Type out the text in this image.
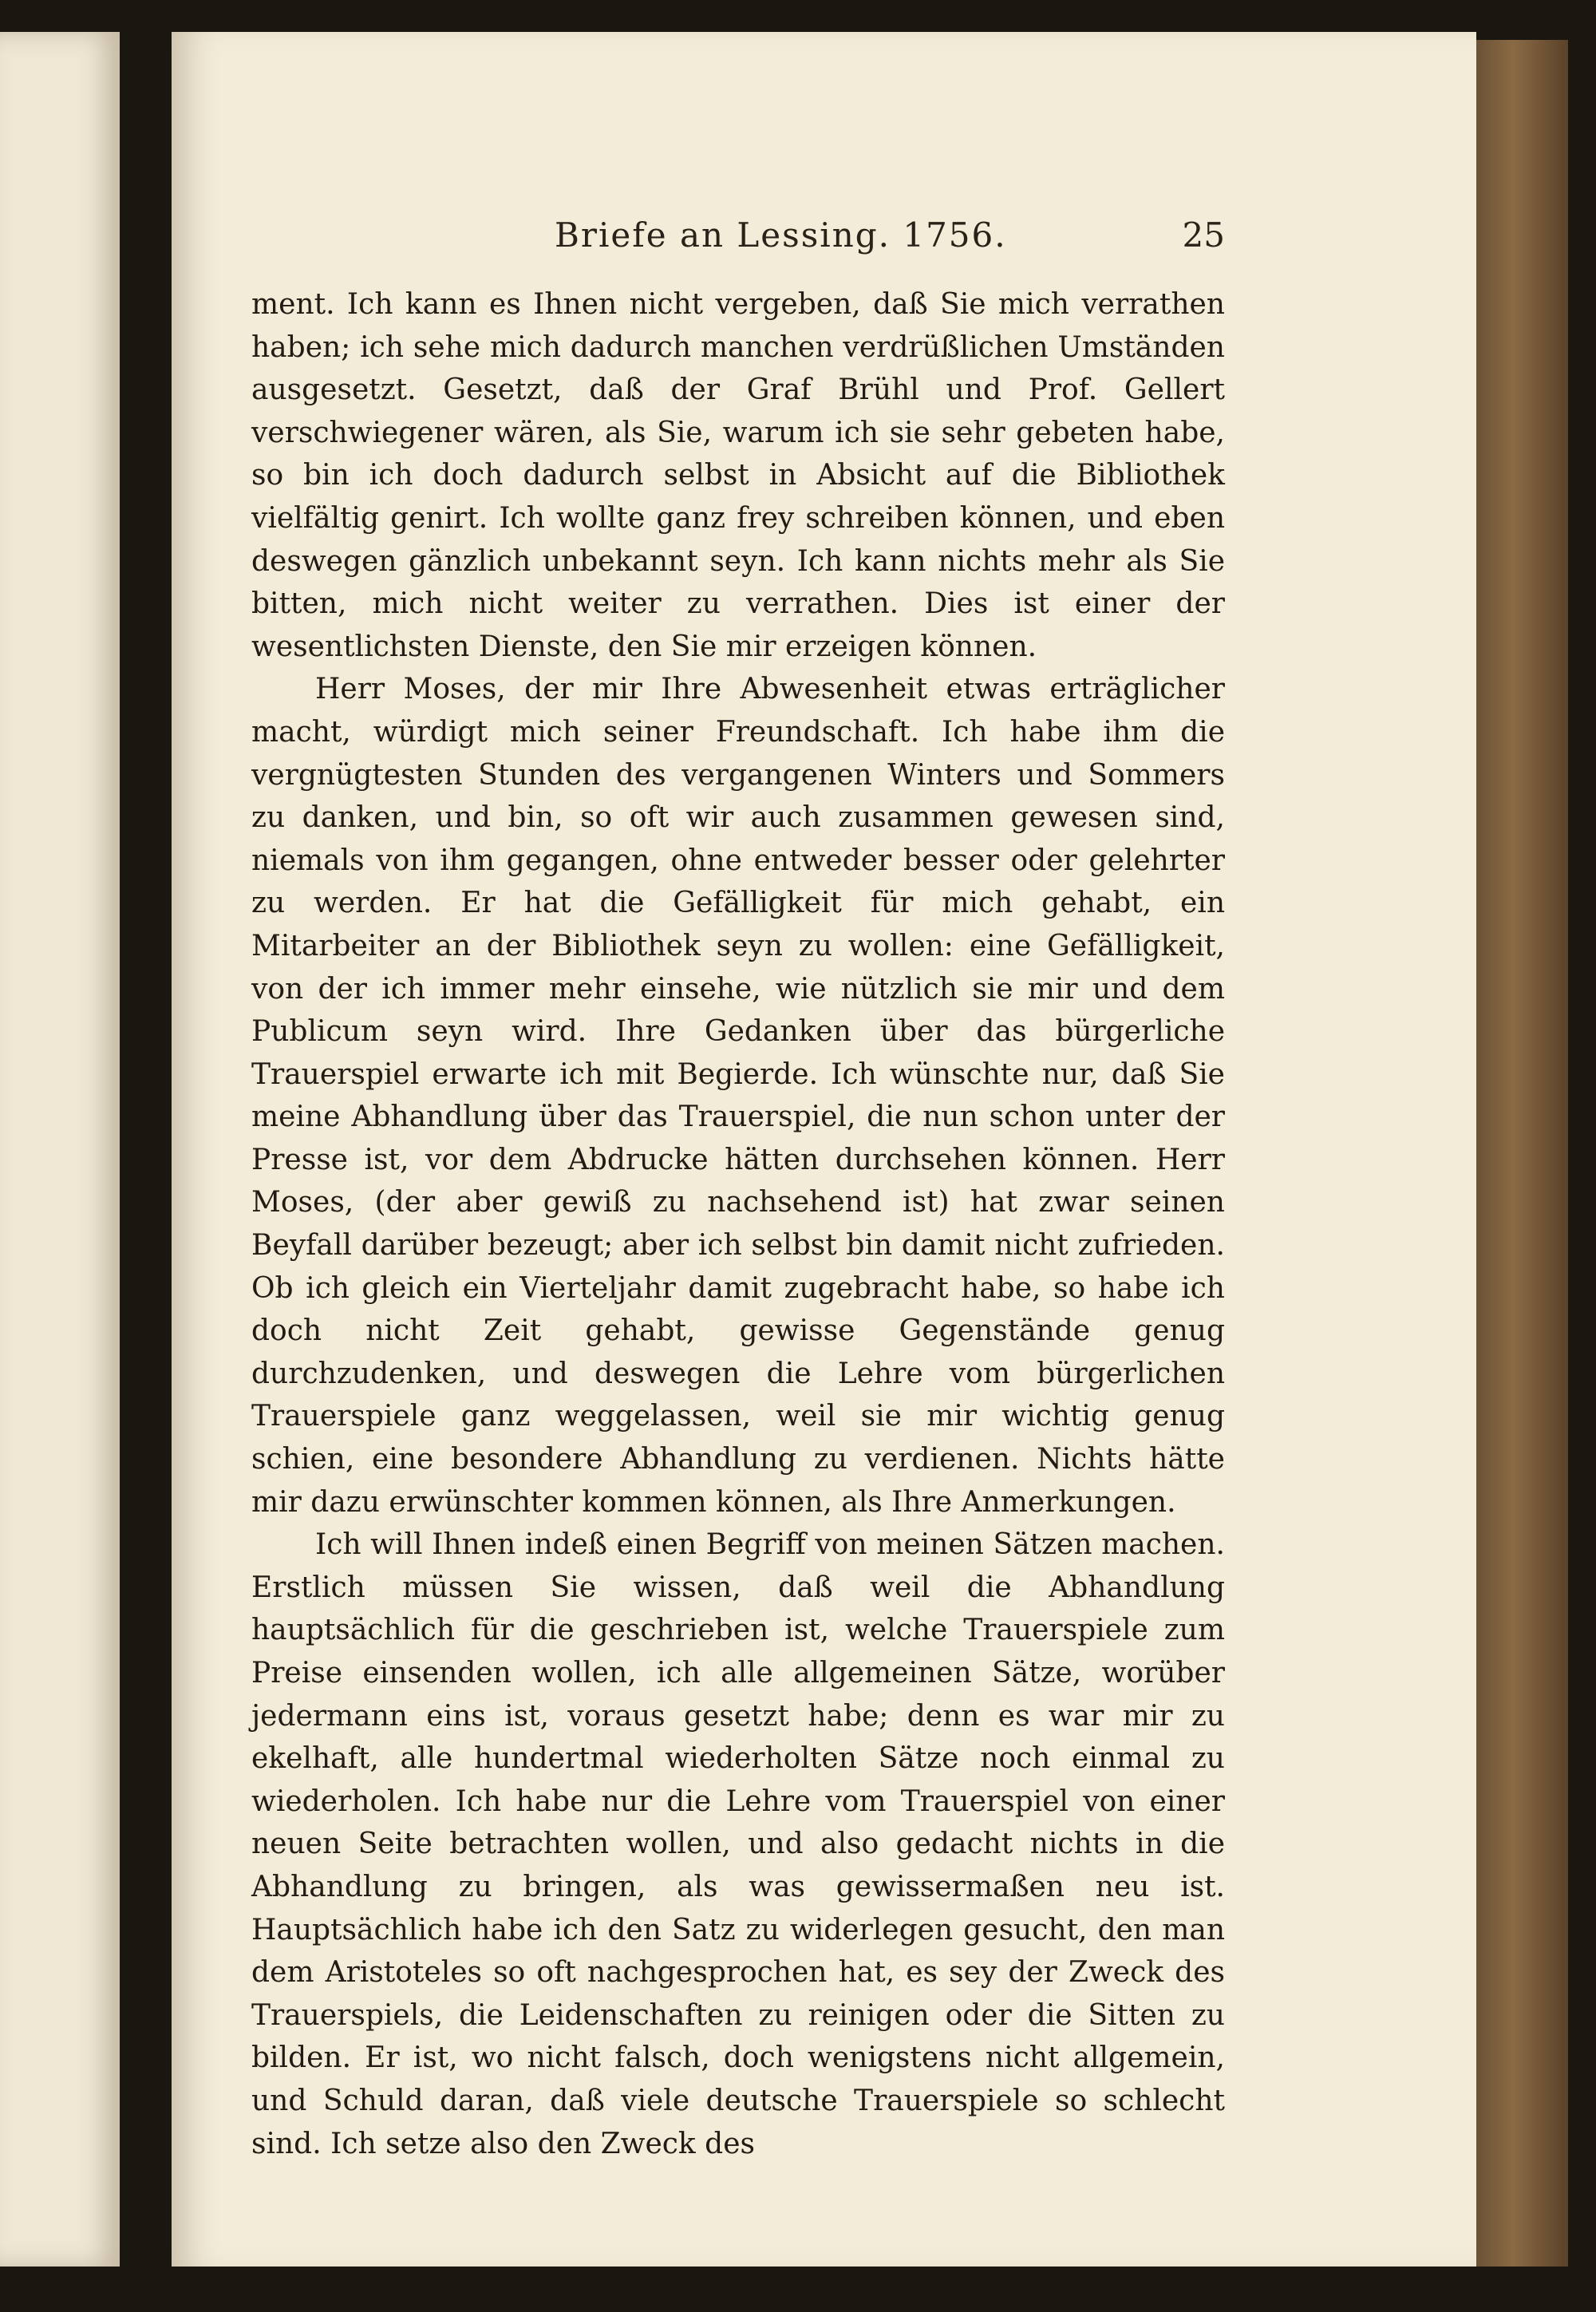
Briefe an Lessing. 1756.	25

ment. Ich kann es Ihnen nicht vergeben, daß Sie mich verrathen haben; ich sehe mich dadurch manchen verdrüßlichen Umständen ausgesetzt. Gesetzt, daß der Graf Brühl und Prof. Gellert verschwiegener wären, als Sie, warum ich sie sehr gebeten habe, so bin ich doch dadurch selbst in Absicht auf die Bibliothek vielfältig genirt. Ich wollte ganz frey schreiben können, und eben deswegen gänzlich unbekannt seyn. Ich kann nichts mehr als Sie bitten, mich nicht weiter zu verrathen. Dies ist einer der wesentlichsten Dienste, den Sie mir erzeigen können.

Herr Moses, der mir Ihre Abwesenheit etwas erträglicher macht, würdigt mich seiner Freundschaft. Ich habe ihm die vergnügtesten Stunden des vergangenen Winters und Sommers zu danken, und bin, so oft wir auch zusammen gewesen sind, niemals von ihm gegangen, ohne entweder besser oder gelehrter zu werden. Er hat die Gefälligkeit für mich gehabt, ein Mitarbeiter an der Bibliothek seyn zu wollen: eine Gefälligkeit, von der ich immer mehr einsehe, wie nützlich sie mir und dem Publicum seyn wird. Ihre Gedanken über das bürgerliche Trauerspiel erwarte ich mit Begierde. Ich wünschte nur, daß Sie meine Abhandlung über das Trauerspiel, die nun schon unter der Presse ist, vor dem Abdrucke hätten durchsehen können. Herr Moses, (der aber gewiß zu nachsehend ist) hat zwar seinen Beyfall darüber bezeugt; aber ich selbst bin damit nicht zufrieden. Ob ich gleich ein Vierteljahr damit zugebracht habe, so habe ich doch nicht Zeit gehabt, gewisse Gegenstände genug durchzudenken, und deswegen die Lehre vom bürgerlichen Trauerspiele ganz weggelassen, weil sie mir wichtig genug schien, eine besondere Abhandlung zu verdienen. Nichts hätte mir dazu erwünschter kommen können, als Ihre Anmerkungen.

Ich will Ihnen indeß einen Begriff von meinen Sätzen machen. Erstlich müssen Sie wissen, daß weil die Abhandlung hauptsächlich für die geschrieben ist, welche Trauerspiele zum Preise einsenden wollen, ich alle allgemeinen Sätze, worüber jedermann eins ist, voraus gesetzt habe; denn es war mir zu ekelhaft, alle hundertmal wiederholten Sätze noch einmal zu wiederholen. Ich habe nur die Lehre vom Trauerspiel von einer neuen Seite betrachten wollen, und also gedacht nichts in die Abhandlung zu bringen, als was gewissermaßen neu ist. Hauptsächlich habe ich den Satz zu widerlegen gesucht, den man dem Aristoteles so oft nachgesprochen hat, es sey der Zweck des Trauerspiels, die Leidenschaften zu reinigen oder die Sitten zu bilden. Er ist, wo nicht falsch, doch wenigstens nicht allgemein, und Schuld daran, daß viele deutsche Trauerspiele so schlecht sind. Ich setze also den Zweck des
